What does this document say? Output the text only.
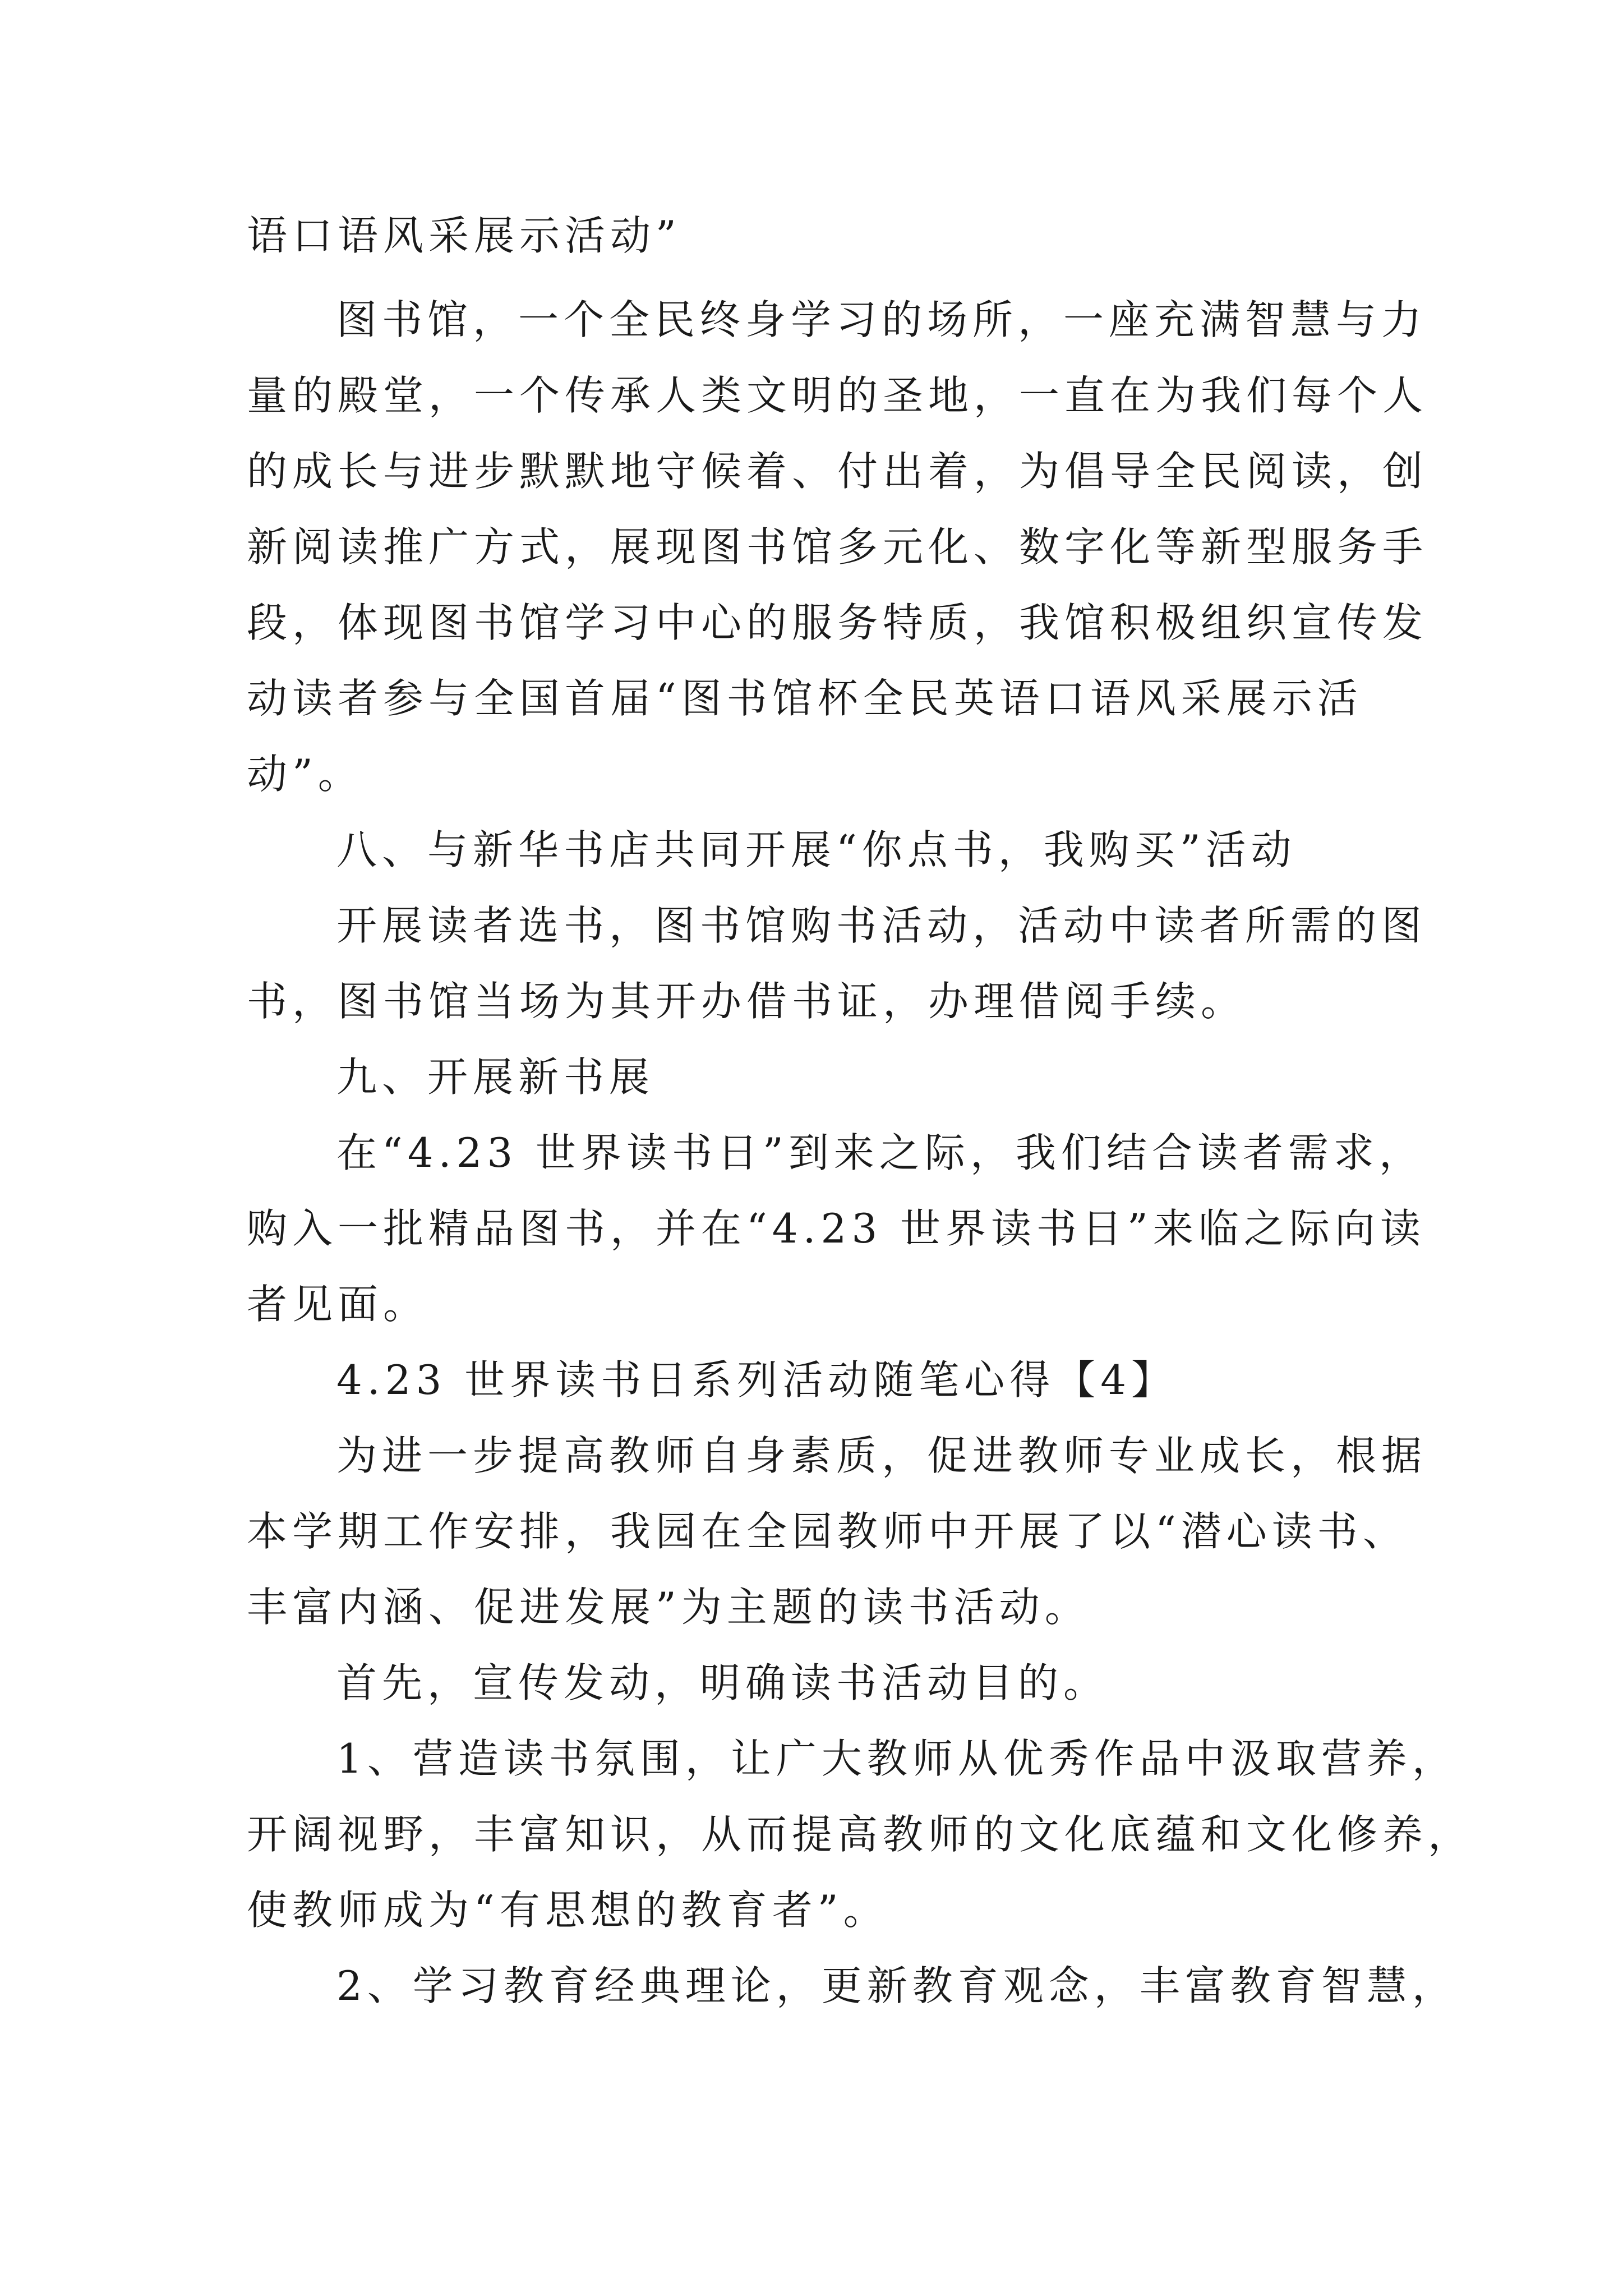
语口语风采展示活动”
图书馆，一个全民终身学习的场所，一座充满智慧与力
量的殿堂，一个传承人类文明的圣地，一直在为我们每个人
的成长与进步默默地守候着、付出着，为倡导全民阅读，创
新阅读推广方式，展现图书馆多元化、数字化等新型服务手
段，体现图书馆学习中心的服务特质，我馆积极组织宣传发
动读者参与全国首届“图书馆杯全民英语口语风采展示活
动”。
八、与新华书店共同开展“你点书，我购买”活动
开展读者选书，图书馆购书活动，活动中读者所需的图
书，图书馆当场为其开办借书证，办理借阅手续。
九、开展新书展
在“4.23 世界读书日”到来之际，我们结合读者需求，
购入一批精品图书，并在“4.23 世界读书日”来临之际向读
者见面。
4.23 世界读书日系列活动随笔心得【4】
为进一步提高教师自身素质，促进教师专业成长，根据
本学期工作安排，我园在全园教师中开展了以“潜心读书、
丰富内涵、促进发展”为主题的读书活动。
首先，宣传发动，明确读书活动目的。
1、营造读书氛围，让广大教师从优秀作品中汲取营养，
开阔视野，丰富知识，从而提高教师的文化底蕴和文化修养，
使教师成为“有思想的教育者”。
2、学习教育经典理论，更新教育观念，丰富教育智慧，
